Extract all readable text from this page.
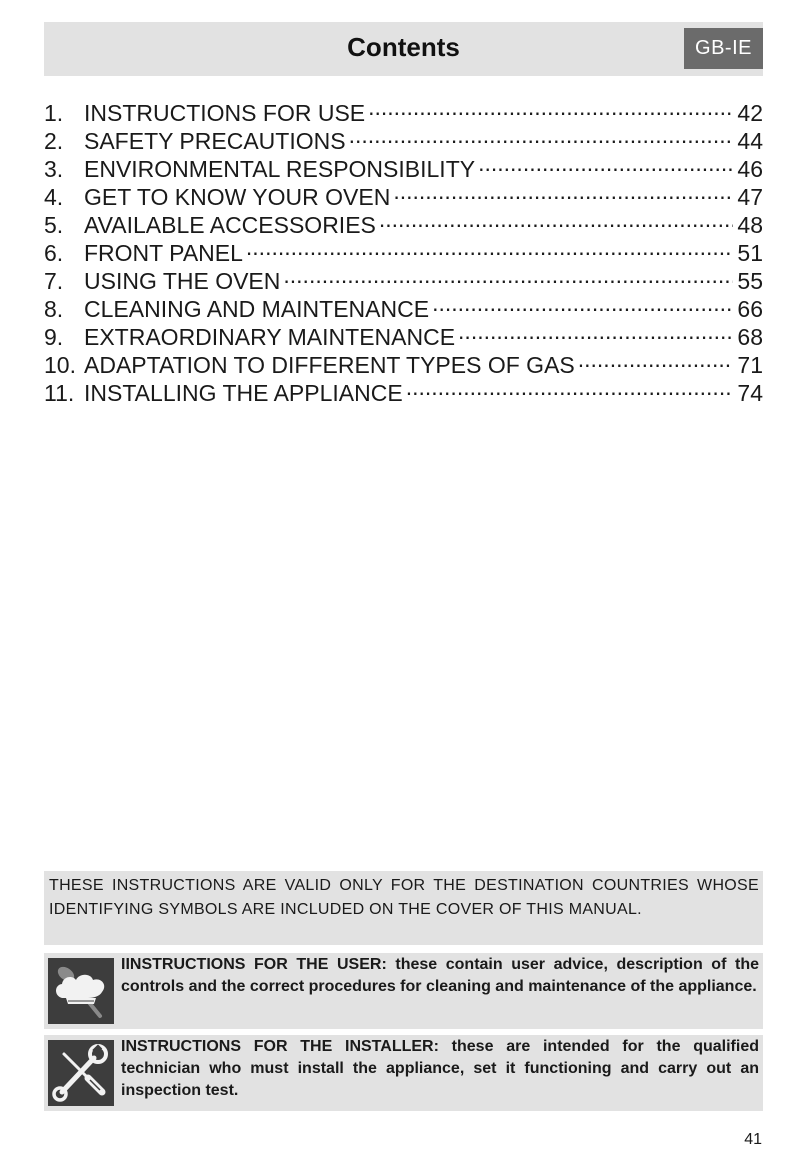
Contents	GB-IE
1. INSTRUCTIONS FOR USE .....	42
2. SAFETY PRECAUTIONS .....	44
3. ENVIRONMENTAL RESPONSIBILITY .....	46
4. GET TO KNOW YOUR OVEN .....	47
5. AVAILABLE ACCESSORIES .....	48
6. FRONT PANEL .....	51
7. USING THE OVEN .....	55
8. CLEANING AND MAINTENANCE .....	66
9. EXTRAORDINARY MAINTENANCE .....	68
10. ADAPTATION TO DIFFERENT TYPES OF GAS .....	71
11. INSTALLING THE APPLIANCE .....	74
THESE INSTRUCTIONS ARE VALID ONLY FOR THE DESTINATION COUNTRIES WHOSE IDENTIFYING SYMBOLS ARE INCLUDED ON THE COVER OF THIS MANUAL.
IINSTRUCTIONS FOR THE USER: these contain user advice, description of the controls and the correct procedures for cleaning and maintenance of the appliance.
INSTRUCTIONS FOR THE INSTALLER: these are intended for the qualified technician who must install the appliance, set it functioning and carry out an inspection test.
41
